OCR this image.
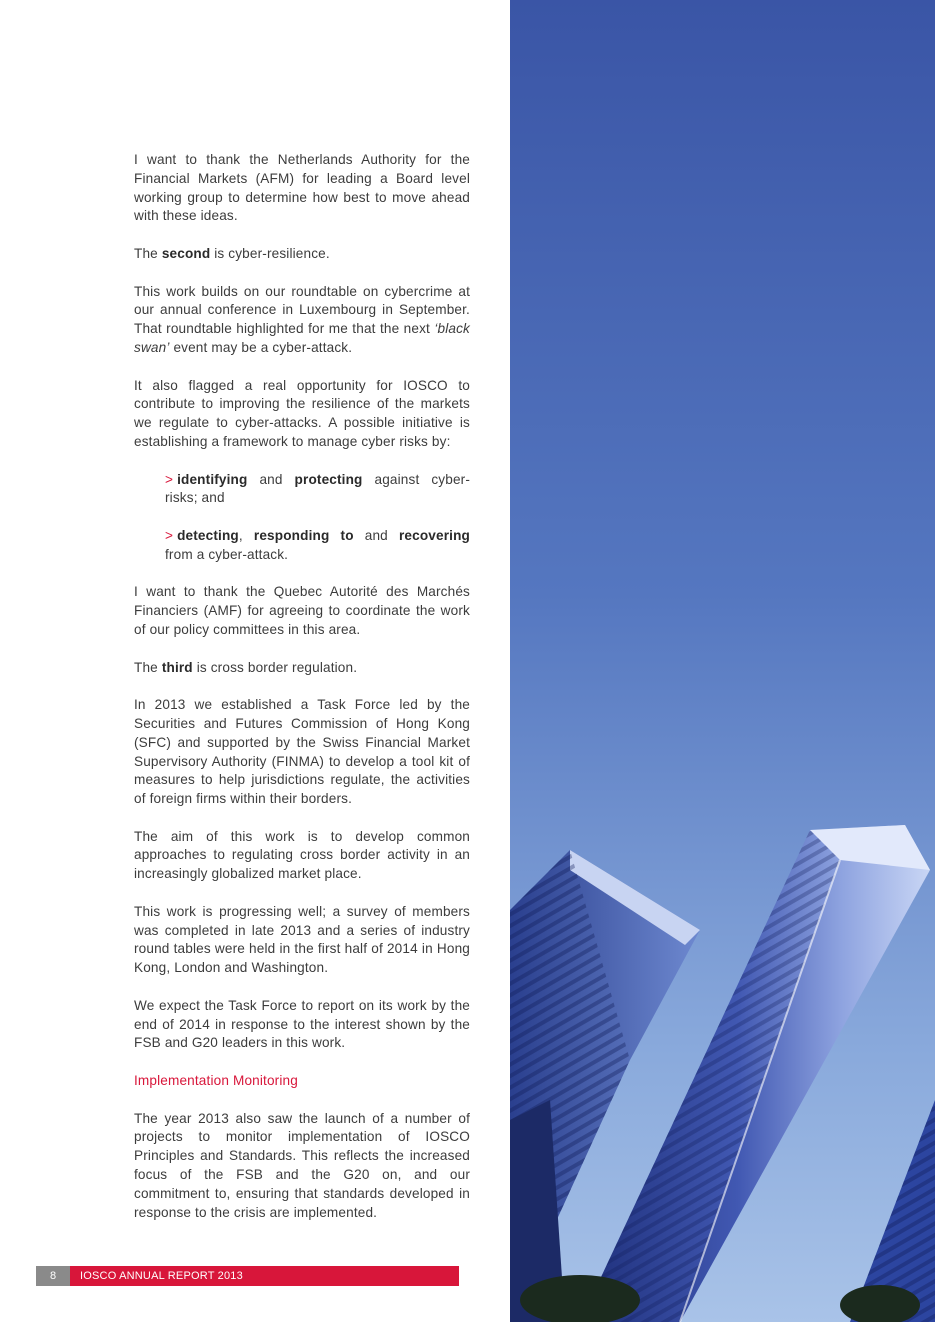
I want to thank the Netherlands Authority for the Financial Markets (AFM) for leading a Board level working group to determine how best to move ahead with these ideas.

The second is cyber-resilience.

This work builds on our roundtable on cybercrime at our annual conference in Luxembourg in September. That roundtable highlighted for me that the next ‘black swan’ event may be a cyber-attack.

It also flagged a real opportunity for IOSCO to contribute to improving the resilience of the markets we regulate to cyber-attacks. A possible initiative is establishing a framework to manage cyber risks by:

> identifying and protecting against cyber-risks; and

> detecting, responding to and recovering from a cyber-attack.

I want to thank the Quebec Autorité des Marchés Financiers (AMF) for agreeing to coordinate the work of our policy committees in this area.

The third is cross border regulation.

In 2013 we established a Task Force led by the Securities and Futures Commission of Hong Kong (SFC) and supported by the Swiss Financial Market Supervisory Authority (FINMA) to develop a tool kit of measures to help jurisdictions regulate, the activities of foreign firms within their borders.

The aim of this work is to develop common approaches to regulating cross border activity in an increasingly globalized market place.

This work is progressing well; a survey of members was completed in late 2013 and a series of industry round tables were held in the first half of 2014 in Hong Kong, London and Washington.

We expect the Task Force to report on its work by the end of 2014 in response to the interest shown by the FSB and G20 leaders in this work.

Implementation Monitoring

The year 2013 also saw the launch of a number of projects to monitor implementation of IOSCO Principles and Standards. This reflects the increased focus of the FSB and the G20 on, and our commitment to, ensuring that standards developed in response to the crisis are implemented.

8	IOSCO ANNUAL REPORT 2013
